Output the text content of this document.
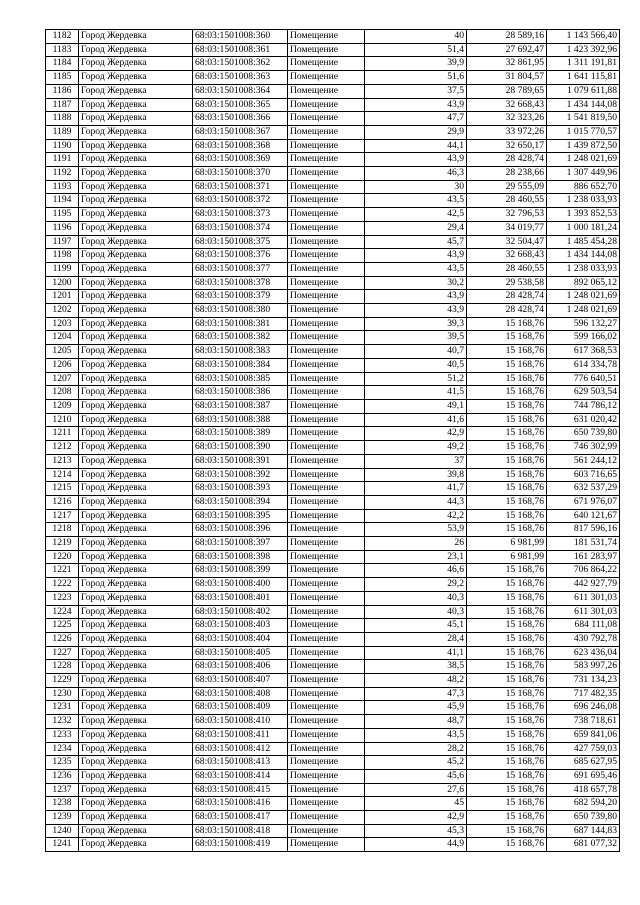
1182	Город Жердевка	68:03:1501008:360	Помещение	40	28 589,16	1 143 566,40
1183	Город Жердевка	68:03:1501008:361	Помещение	51,4	27 692,47	1 423 392,96
1184	Город Жердевка	68:03:1501008:362	Помещение	39,9	32 861,95	1 311 191,81
1185	Город Жердевка	68:03:1501008:363	Помещение	51,6	31 804,57	1 641 115,81
1186	Город Жердевка	68:03:1501008:364	Помещение	37,5	28 789,65	1 079 611,88
1187	Город Жердевка	68:03:1501008:365	Помещение	43,9	32 668,43	1 434 144,08
1188	Город Жердевка	68:03:1501008:366	Помещение	47,7	32 323,26	1 541 819,50
1189	Город Жердевка	68:03:1501008:367	Помещение	29,9	33 972,26	1 015 770,57
1190	Город Жердевка	68:03:1501008:368	Помещение	44,1	32 650,17	1 439 872,50
1191	Город Жердевка	68:03:1501008:369	Помещение	43,9	28 428,74	1 248 021,69
1192	Город Жердевка	68:03:1501008:370	Помещение	46,3	28 238,66	1 307 449,96
1193	Город Жердевка	68:03:1501008:371	Помещение	30	29 555,09	886 652,70
1194	Город Жердевка	68:03:1501008:372	Помещение	43,5	28 460,55	1 238 033,93
1195	Город Жердевка	68:03:1501008:373	Помещение	42,5	32 796,53	1 393 852,53
1196	Город Жердевка	68:03:1501008:374	Помещение	29,4	34 019,77	1 000 181,24
1197	Город Жердевка	68:03:1501008:375	Помещение	45,7	32 504,47	1 485 454,28
1198	Город Жердевка	68:03:1501008:376	Помещение	43,9	32 668,43	1 434 144,08
1199	Город Жердевка	68:03:1501008:377	Помещение	43,5	28 460,55	1 238 033,93
1200	Город Жердевка	68:03:1501008:378	Помещение	30,2	29 538,58	892 065,12
1201	Город Жердевка	68:03:1501008:379	Помещение	43,9	28 428,74	1 248 021,69
1202	Город Жердевка	68:03:1501008:380	Помещение	43,9	28 428,74	1 248 021,69
1203	Город Жердевка	68:03:1501008:381	Помещение	39,3	15 168,76	596 132,27
1204	Город Жердевка	68:03:1501008:382	Помещение	39,5	15 168,76	599 166,02
1205	Город Жердевка	68:03:1501008:383	Помещение	40,7	15 168,76	617 368,53
1206	Город Жердевка	68:03:1501008:384	Помещение	40,5	15 168,76	614 334,78
1207	Город Жердевка	68:03:1501008:385	Помещение	51,2	15 168,76	776 640,51
1208	Город Жердевка	68:03:1501008:386	Помещение	41,5	15 168,76	629 503,54
1209	Город Жердевка	68:03:1501008:387	Помещение	49,1	15 168,76	744 786,12
1210	Город Жердевка	68:03:1501008:388	Помещение	41,6	15 168,76	631 020,42
1211	Город Жердевка	68:03:1501008:389	Помещение	42,9	15 168,76	650 739,80
1212	Город Жердевка	68:03:1501008:390	Помещение	49,2	15 168,76	746 302,99
1213	Город Жердевка	68:03:1501008:391	Помещение	37	15 168,76	561 244,12
1214	Город Жердевка	68:03:1501008:392	Помещение	39,8	15 168,76	603 716,65
1215	Город Жердевка	68:03:1501008:393	Помещение	41,7	15 168,76	632 537,29
1216	Город Жердевка	68:03:1501008:394	Помещение	44,3	15 168,76	671 976,07
1217	Город Жердевка	68:03:1501008:395	Помещение	42,2	15 168,76	640 121,67
1218	Город Жердевка	68:03:1501008:396	Помещение	53,9	15 168,76	817 596,16
1219	Город Жердевка	68:03:1501008:397	Помещение	26	6 981,99	181 531,74
1220	Город Жердевка	68:03:1501008:398	Помещение	23,1	6 981,99	161 283,97
1221	Город Жердевка	68:03:1501008:399	Помещение	46,6	15 168,76	706 864,22
1222	Город Жердевка	68:03:1501008:400	Помещение	29,2	15 168,76	442 927,79
1223	Город Жердевка	68:03:1501008:401	Помещение	40,3	15 168,76	611 301,03
1224	Город Жердевка	68:03:1501008:402	Помещение	40,3	15 168,76	611 301,03
1225	Город Жердевка	68:03:1501008:403	Помещение	45,1	15 168,76	684 111,08
1226	Город Жердевка	68:03:1501008:404	Помещение	28,4	15 168,76	430 792,78
1227	Город Жердевка	68:03:1501008:405	Помещение	41,1	15 168,76	623 436,04
1228	Город Жердевка	68:03:1501008:406	Помещение	38,5	15 168,76	583 997,26
1229	Город Жердевка	68:03:1501008:407	Помещение	48,2	15 168,76	731 134,23
1230	Город Жердевка	68:03:1501008:408	Помещение	47,3	15 168,76	717 482,35
1231	Город Жердевка	68:03:1501008:409	Помещение	45,9	15 168,76	696 246,08
1232	Город Жердевка	68:03:1501008:410	Помещение	48,7	15 168,76	738 718,61
1233	Город Жердевка	68:03:1501008:411	Помещение	43,5	15 168,76	659 841,06
1234	Город Жердевка	68:03:1501008:412	Помещение	28,2	15 168,76	427 759,03
1235	Город Жердевка	68:03:1501008:413	Помещение	45,2	15 168,76	685 627,95
1236	Город Жердевка	68:03:1501008:414	Помещение	45,6	15 168,76	691 695,46
1237	Город Жердевка	68:03:1501008:415	Помещение	27,6	15 168,76	418 657,78
1238	Город Жердевка	68:03:1501008:416	Помещение	45	15 168,76	682 594,20
1239	Город Жердевка	68:03:1501008:417	Помещение	42,9	15 168,76	650 739,80
1240	Город Жердевка	68:03:1501008:418	Помещение	45,3	15 168,76	687 144,83
1241	Город Жердевка	68:03:1501008:419	Помещение	44,9	15 168,76	681 077,32
